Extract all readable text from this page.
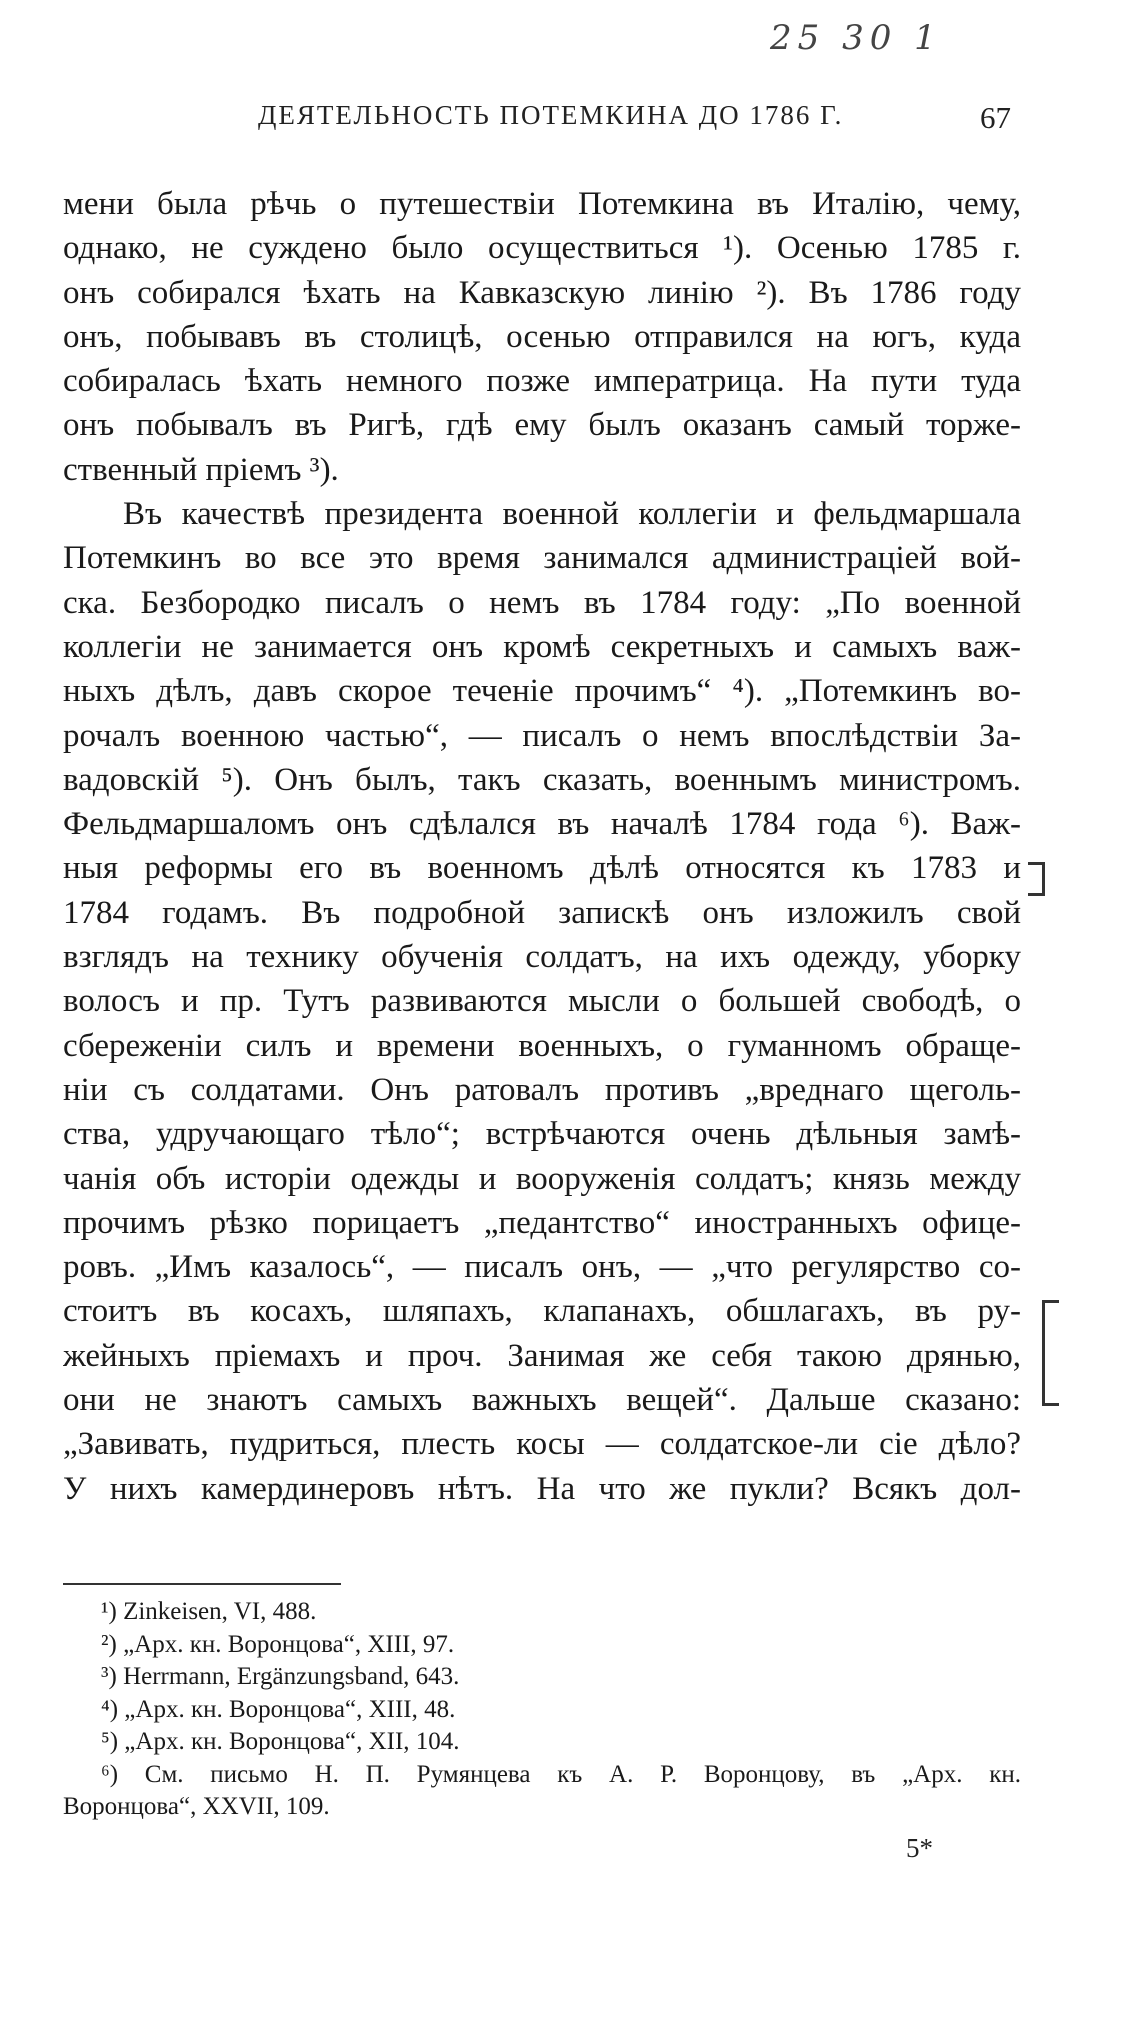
25 30 1
ДЕЯТЕЛЬНОСТЬ ПОТЕМКИНА ДО 1786 Г.	67
мени была рѣчь о путешествіи Потемкина въ Италію, чему,
однако, не суждено было осуществиться ¹). Осенью 1785 г.
онъ собирался ѣхать на Кавказскую линію ²). Въ 1786 году
онъ, побывавъ въ столицѣ, осенью отправился на югъ, куда
собиралась ѣхать немного позже императрица. На пути туда
онъ побывалъ въ Ригѣ, гдѣ ему былъ оказанъ самый торже-
ственный пріемъ ³).
Въ качествѣ президента военной коллегіи и фельдмаршала
Потемкинъ во все это время занимался администраціей вой-
ска. Безбородко писалъ о немъ въ 1784 году: „По военной
коллегіи не занимается онъ кромѣ секретныхъ и самыхъ важ-
ныхъ дѣлъ, давъ скорое теченіе прочимъ“ ⁴). „Потемкинъ во-
рочалъ военною частью“, — писалъ о немъ впослѣдствіи За-
вадовскій ⁵). Онъ былъ, такъ сказать, военнымъ министромъ.
Фельдмаршаломъ онъ сдѣлался въ началѣ 1784 года ⁶). Важ-
ныя реформы его въ военномъ дѣлѣ относятся къ 1783 и
1784 годамъ. Въ подробной запискѣ онъ изложилъ свой
взглядъ на технику обученія солдатъ, на ихъ одежду, уборку
волосъ и пр. Тутъ развиваются мысли о большей свободѣ, о
сбереженіи силъ и времени военныхъ, о гуманномъ обраще-
ніи съ солдатами. Онъ ратовалъ противъ „вреднаго щеголь-
ства, удручающаго тѣло“; встрѣчаются очень дѣльныя замѣ-
чанія объ исторіи одежды и вооруженія солдатъ; князь между
прочимъ рѣзко порицаетъ „педантство“ иностранныхъ офице-
ровъ. „Имъ казалось“, — писалъ онъ, — „что регулярство со-
стоитъ въ косахъ, шляпахъ, клапанахъ, обшлагахъ, въ ру-
жейныхъ пріемахъ и проч. Занимая же себя такою дрянью,
они не знаютъ самыхъ важныхъ вещей“. Дальше сказано:
„Завивать, пудриться, плесть косы — солдатское-ли сіе дѣло?
У нихъ камердинеровъ нѣтъ. На что же пукли? Всякъ дол-
¹) Zinkeisen, VI, 488.
²) „Арх. кн. Воронцова“, XIII, 97.
³) Herrmann, Ergänzungsband, 643.
⁴) „Арх. кн. Воронцова“, XIII, 48.
⁵) „Арх. кн. Воронцова“, XII, 104.
⁶) См. письмо Н. П. Румянцева къ А. Р. Воронцову, въ „Арх. кн.
Воронцова“, XXVII, 109.
5*
